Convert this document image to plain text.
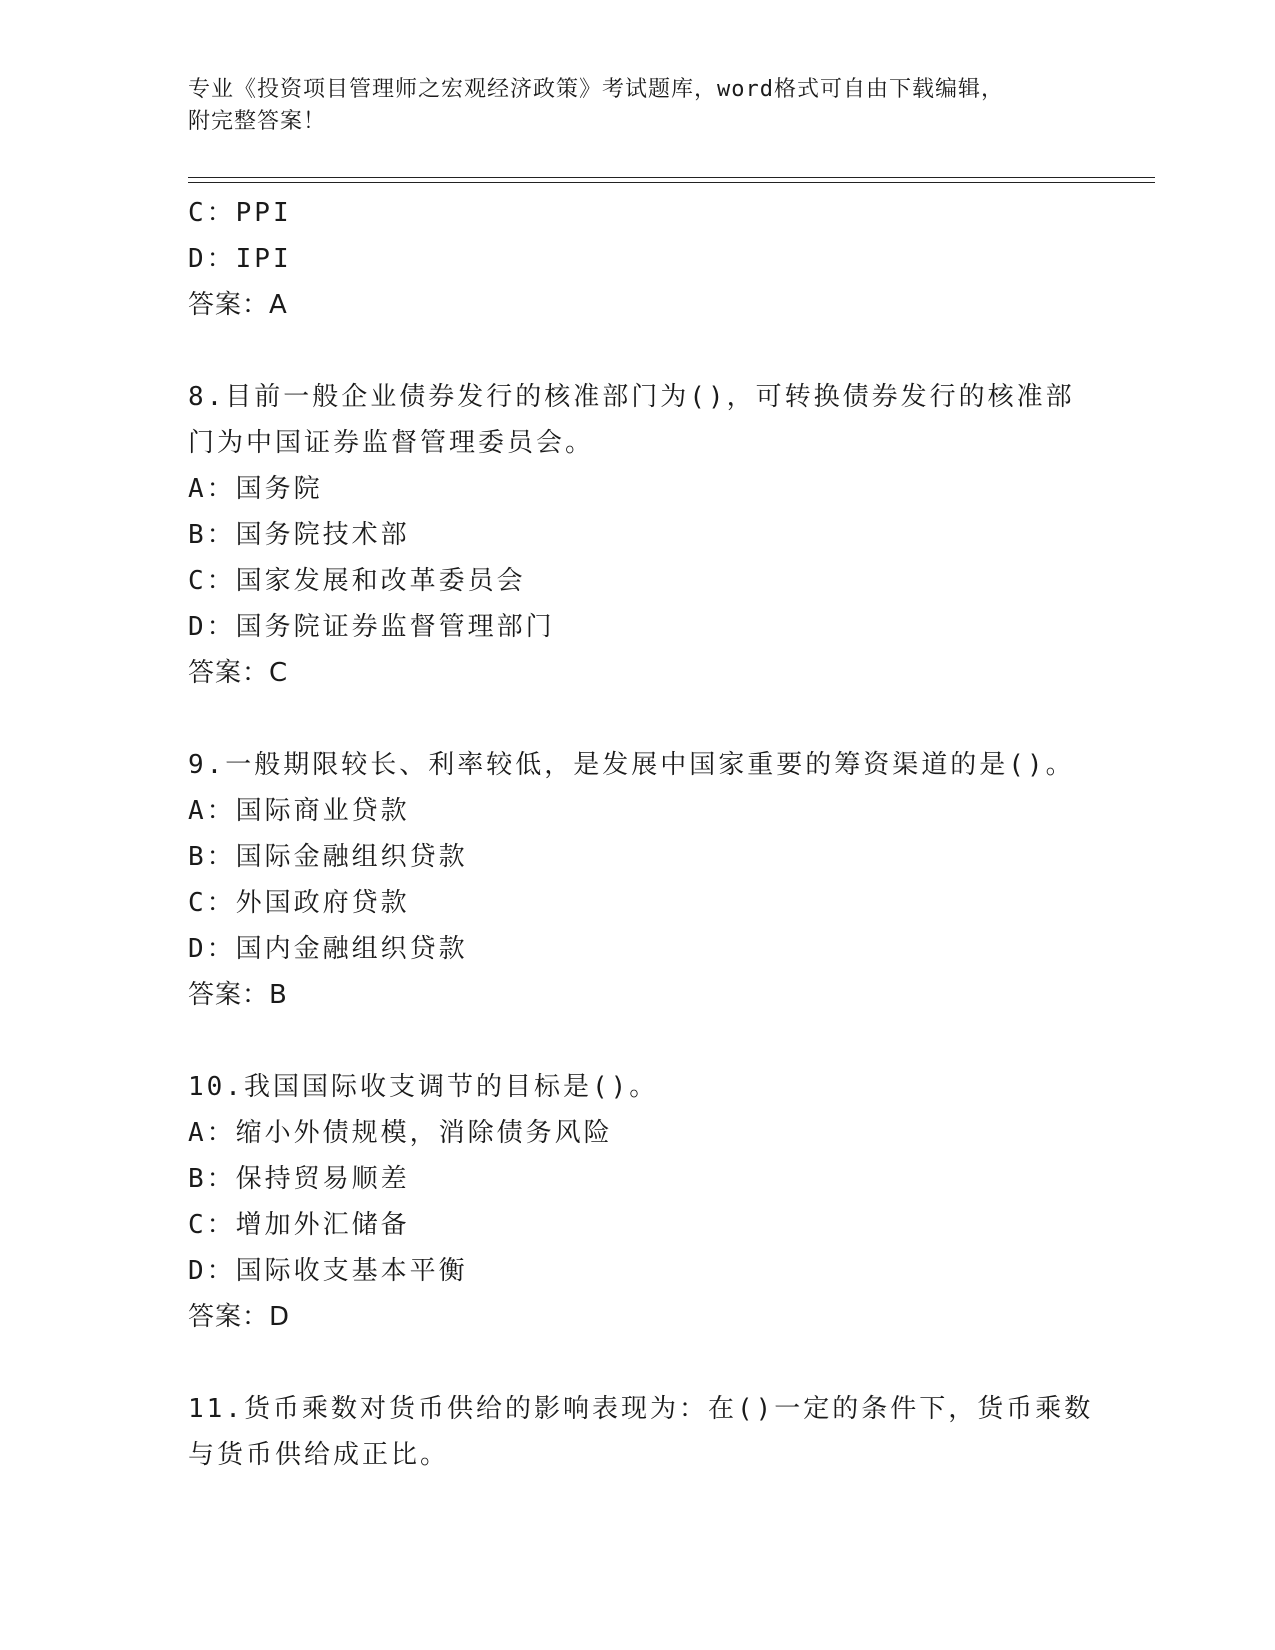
专业《投资项目管理师之宏观经济政策》考试题库，word格式可自由下载编辑，
附完整答案！
C：PPI
D：IPI
答案：A
8.目前一般企业债券发行的核准部门为()，可转换债券发行的核准部
门为中国证券监督管理委员会。
A：国务院
B：国务院技术部
C：国家发展和改革委员会
D：国务院证券监督管理部门
答案：C
9.一般期限较长、利率较低，是发展中国家重要的筹资渠道的是()。
A：国际商业贷款
B：国际金融组织贷款
C：外国政府贷款
D：国内金融组织贷款
答案：B
10.我国国际收支调节的目标是()。
A：缩小外债规模，消除债务风险
B：保持贸易顺差
C：增加外汇储备
D：国际收支基本平衡
答案：D
11.货币乘数对货币供给的影响表现为：在()一定的条件下，货币乘数
与货币供给成正比。
